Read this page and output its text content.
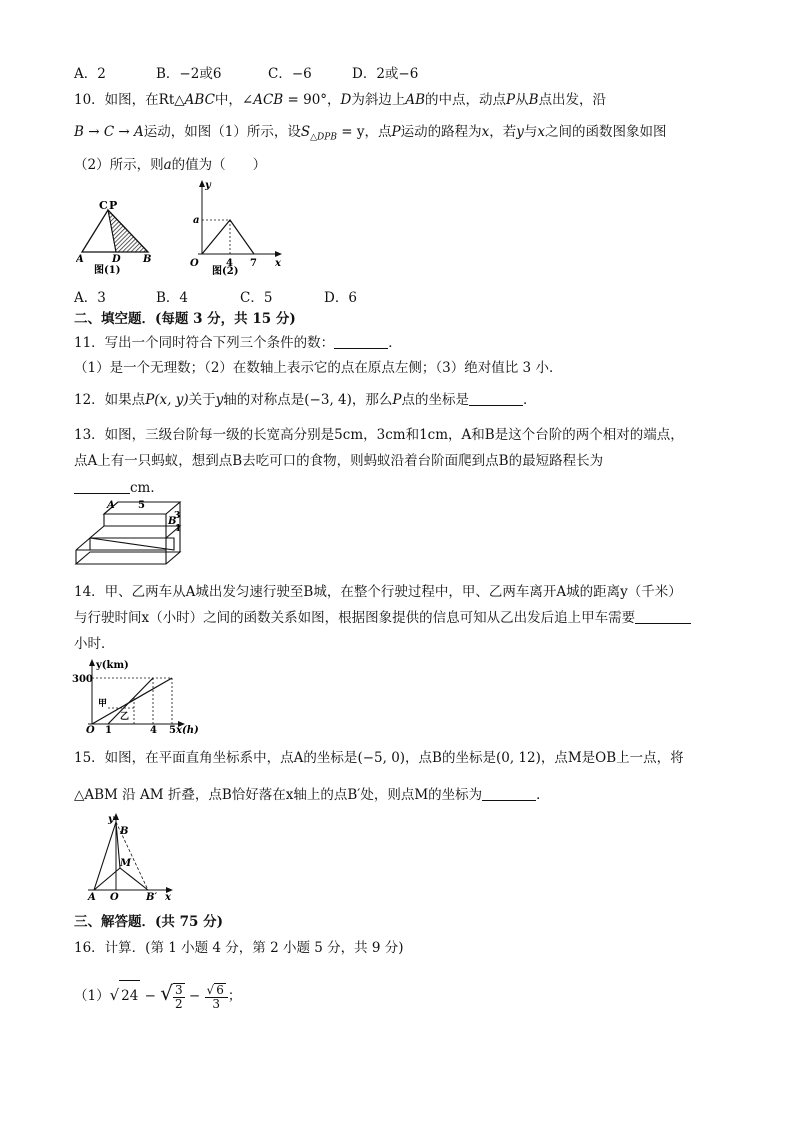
A．2	B．−2或6	C．−6	D．2或−6
10．如图，在Rt△ABC中，∠ACB = 90°，D为斜边上AB的中点，动点P从B点出发，沿
B → C → A运动，如图（1）所示，设$S_{\triangle DPB} = y$，点P运动的路程为x，若y与x之间的函数图象如图
（2）所示，则a的值为（　　）
C P
A	D B
图(1)
y
a
O	4 7 x
图(2)
A．3	B．4	C．5	D．6
二、填空题．(每题 3 分，共 15 分)
11．写出一个同时符合下列三个条件的数：	．
（1）是一个无理数；（2）在数轴上表示它的点在原点左侧；（3）绝对值比 3 小．
12．如果点P(x, y)关于y轴的对称点是(−3, 4)，那么P点的坐标是	．
13．如图，三级台阶每一级的长宽高分别是5cm，3cm和1cm，A和B是这个台阶的两个相对的端点，
点A上有一只蚂蚁，想到点B去吃可口的食物，则蚂蚁沿着台阶面爬到点B的最短路程长为
cm．
A 5
B
3
1
14．甲、乙两车从A城出发匀速行驶至B城，在整个行驶过程中，甲、乙两车离开A城的距离y（千米）
与行驶时间x（小时）之间的函数关系如图，根据图象提供的信息可知从乙出发后追上甲车需要
小时．
y(km)
300
甲
乙
O 1	4 5 x(h)
15．如图，在平面直角坐标系中，点A的坐标是(−5, 0)，点B的坐标是(0, 12)，点M是OB上一点，将
△ABM 沿 AM 折叠，点B恰好落在x轴上的点B′处，则点M的坐标为	．
y
B
M
A O	B′ x
三、解答题．(共 75 分)
16．计算．(第 1 小题 4 分，第 2 小题 5 分，共 9 分)
（1）√ 24 − √ $\frac{3}{2} - \frac{√ 6}{3}$ ；
